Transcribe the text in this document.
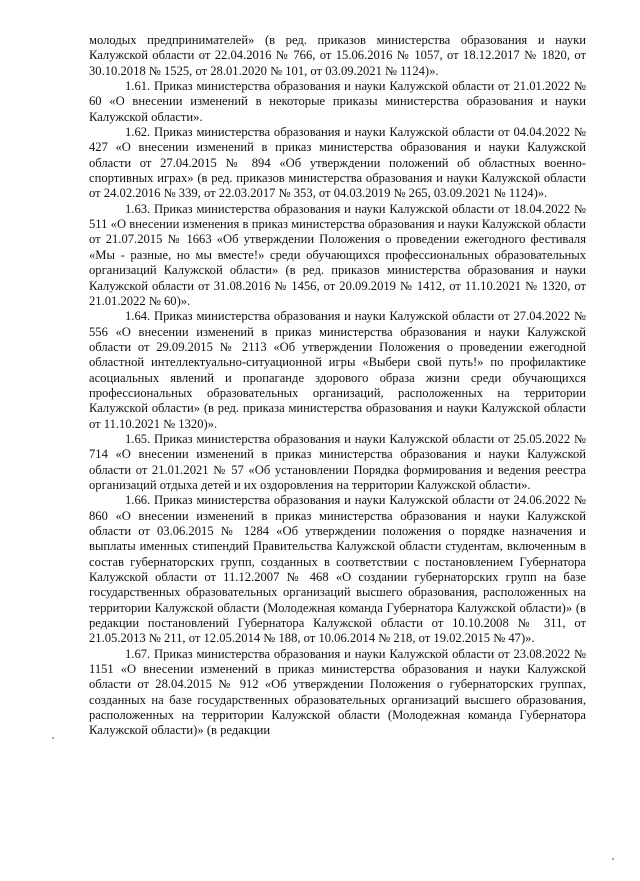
молодых предпринимателей» (в ред. приказов министерства образования и науки Калужской области от 22.04.2016 № 766, от 15.06.2016 № 1057, от 18.12.2017 № 1820, от 30.10.2018 № 1525, от 28.01.2020 № 101, от 03.09.2021 № 1124)».

1.61. Приказ министерства образования и науки Калужской области от 21.01.2022 № 60 «О внесении изменений в некоторые приказы министерства образования и науки Калужской области».

1.62. Приказ министерства образования и науки Калужской области от 04.04.2022 № 427 «О внесении изменений в приказ министерства образования и науки Калужской области от 27.04.2015 № 894 «Об утверждении положений об областных военно-спортивных играх» (в ред. приказов министерства образования и науки Калужской области от 24.02.2016 № 339, от 22.03.2017 № 353, от 04.03.2019 № 265, 03.09.2021 № 1124)».

1.63. Приказ министерства образования и науки Калужской области от 18.04.2022 № 511 «О внесении изменения в приказ министерства образования и науки Калужской области от 21.07.2015 № 1663 «Об утверждении Положения о проведении ежегодного фестиваля «Мы - разные, но мы вместе!» среди обучающихся профессиональных образовательных организаций Калужской области» (в ред. приказов министерства образования и науки Калужской области от 31.08.2016 № 1456, от 20.09.2019 № 1412, от 11.10.2021 № 1320, от 21.01.2022 № 60)».

1.64. Приказ министерства образования и науки Калужской области от 27.04.2022 № 556 «О внесении изменений в приказ министерства образования и науки Калужской области от 29.09.2015 № 2113 «Об утверждении Положения о проведении ежегодной областной интеллектуально-ситуационной игры «Выбери свой путь!» по профилактике асоциальных явлений и пропаганде здорового образа жизни среди обучающихся профессиональных образовательных организаций, расположенных на территории Калужской области» (в ред. приказа министерства образования и науки Калужской области от 11.10.2021 № 1320)».

1.65. Приказ министерства образования и науки Калужской области от 25.05.2022 № 714 «О внесении изменений в приказ министерства образования и науки Калужской области от 21.01.2021 № 57 «Об установлении Порядка формирования и ведения реестра организаций отдыха детей и их оздоровления на территории Калужской области».

1.66. Приказ министерства образования и науки Калужской области от 24.06.2022 № 860 «О внесении изменений в приказ министерства образования и науки Калужской области от 03.06.2015 № 1284 «Об утверждении положения о порядке назначения и выплаты именных стипендий Правительства Калужской области студентам, включенным в состав губернаторских групп, созданных в соответствии с постановлением Губернатора Калужской области от 11.12.2007 № 468 «О создании губернаторских групп на базе государственных образовательных организаций высшего образования, расположенных на территории Калужской области (Молодежная команда Губернатора Калужской области)» (в редакции постановлений Губернатора Калужской области от 10.10.2008 № 311, от 21.05.2013 № 211, от 12.05.2014 № 188, от 10.06.2014 № 218, от 19.02.2015 № 47)».

1.67. Приказ министерства образования и науки Калужской области от 23.08.2022 № 1151 «О внесении изменений в приказ министерства образования и науки Калужской области от 28.04.2015 № 912 «Об утверждении Положения о губернаторских группах, созданных на базе государственных образовательных организаций высшего образования, расположенных на территории Калужской области (Молодежная команда Губернатора Калужской области)» (в редакции
